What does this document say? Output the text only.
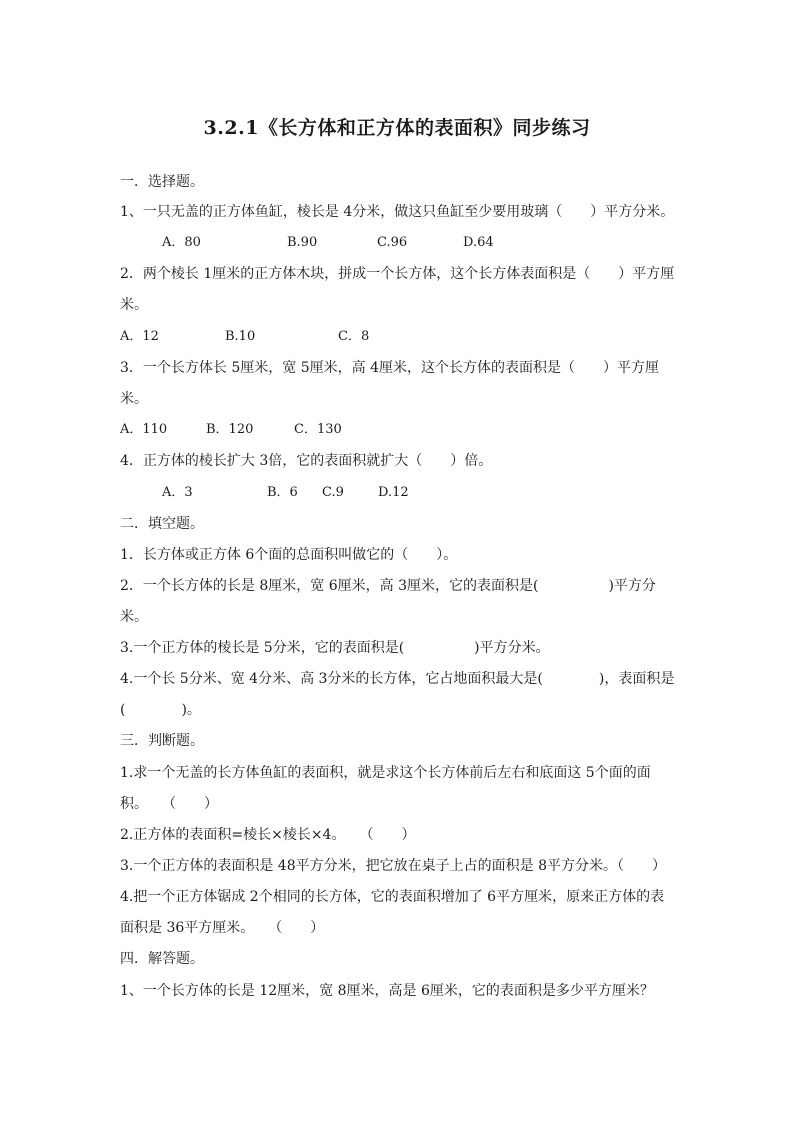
3.2.1《长方体和正方体的表面积》同步练习
一．选择题。
1、一只无盖的正方体鱼缸，棱长是 4分米，做这只鱼缸至少要用玻璃（　　）平方分米。
A．80	B.90	C.96	D.64
2．两个棱长 1厘米的正方体木块，拼成一个长方体，这个长方体表面积是（　　）平方厘
米。
A．12	B.10	C．8
3．一个长方体长 5厘米，宽 5厘米，高 4厘米，这个长方体的表面积是（　　）平方厘
米。
A．110	B．120	C．130
4．正方体的棱长扩大 3倍，它的表面积就扩大（　　）倍。
A．3	B．6 C.9	D.12
二．填空题。
1．长方体或正方体 6个面的总面积叫做它的（　　）。
2．一个长方体的长是 8厘米，宽 6厘米，高 3厘米，它的表面积是(　　　　　)平方分
米。
3.一个正方体的棱长是 5分米，它的表面积是(　　　　　)平方分米。
4.一个长 5分米、宽 4分米、高 3分米的长方体，它占地面积最大是(　　　　)，表面积是
(　　　　)。
三．判断题。
1.求一个无盖的长方体鱼缸的表面积，就是求这个长方体前后左右和底面这 5个面的面
积。　　（　　）
2.正方体的表面积=棱长×棱长×4。　　（　　）
3.一个正方体的表面积是 48平方分米，把它放在桌子上占的面积是 8平方分米。（　　）
4.把一个正方体锯成 2个相同的长方体，它的表面积增加了 6平方厘米，原来正方体的表
面积是 36平方厘米。　　（　　）
四．解答题。
1、一个长方体的长是 12厘米，宽 8厘米，高是 6厘米，它的表面积是多少平方厘米？
